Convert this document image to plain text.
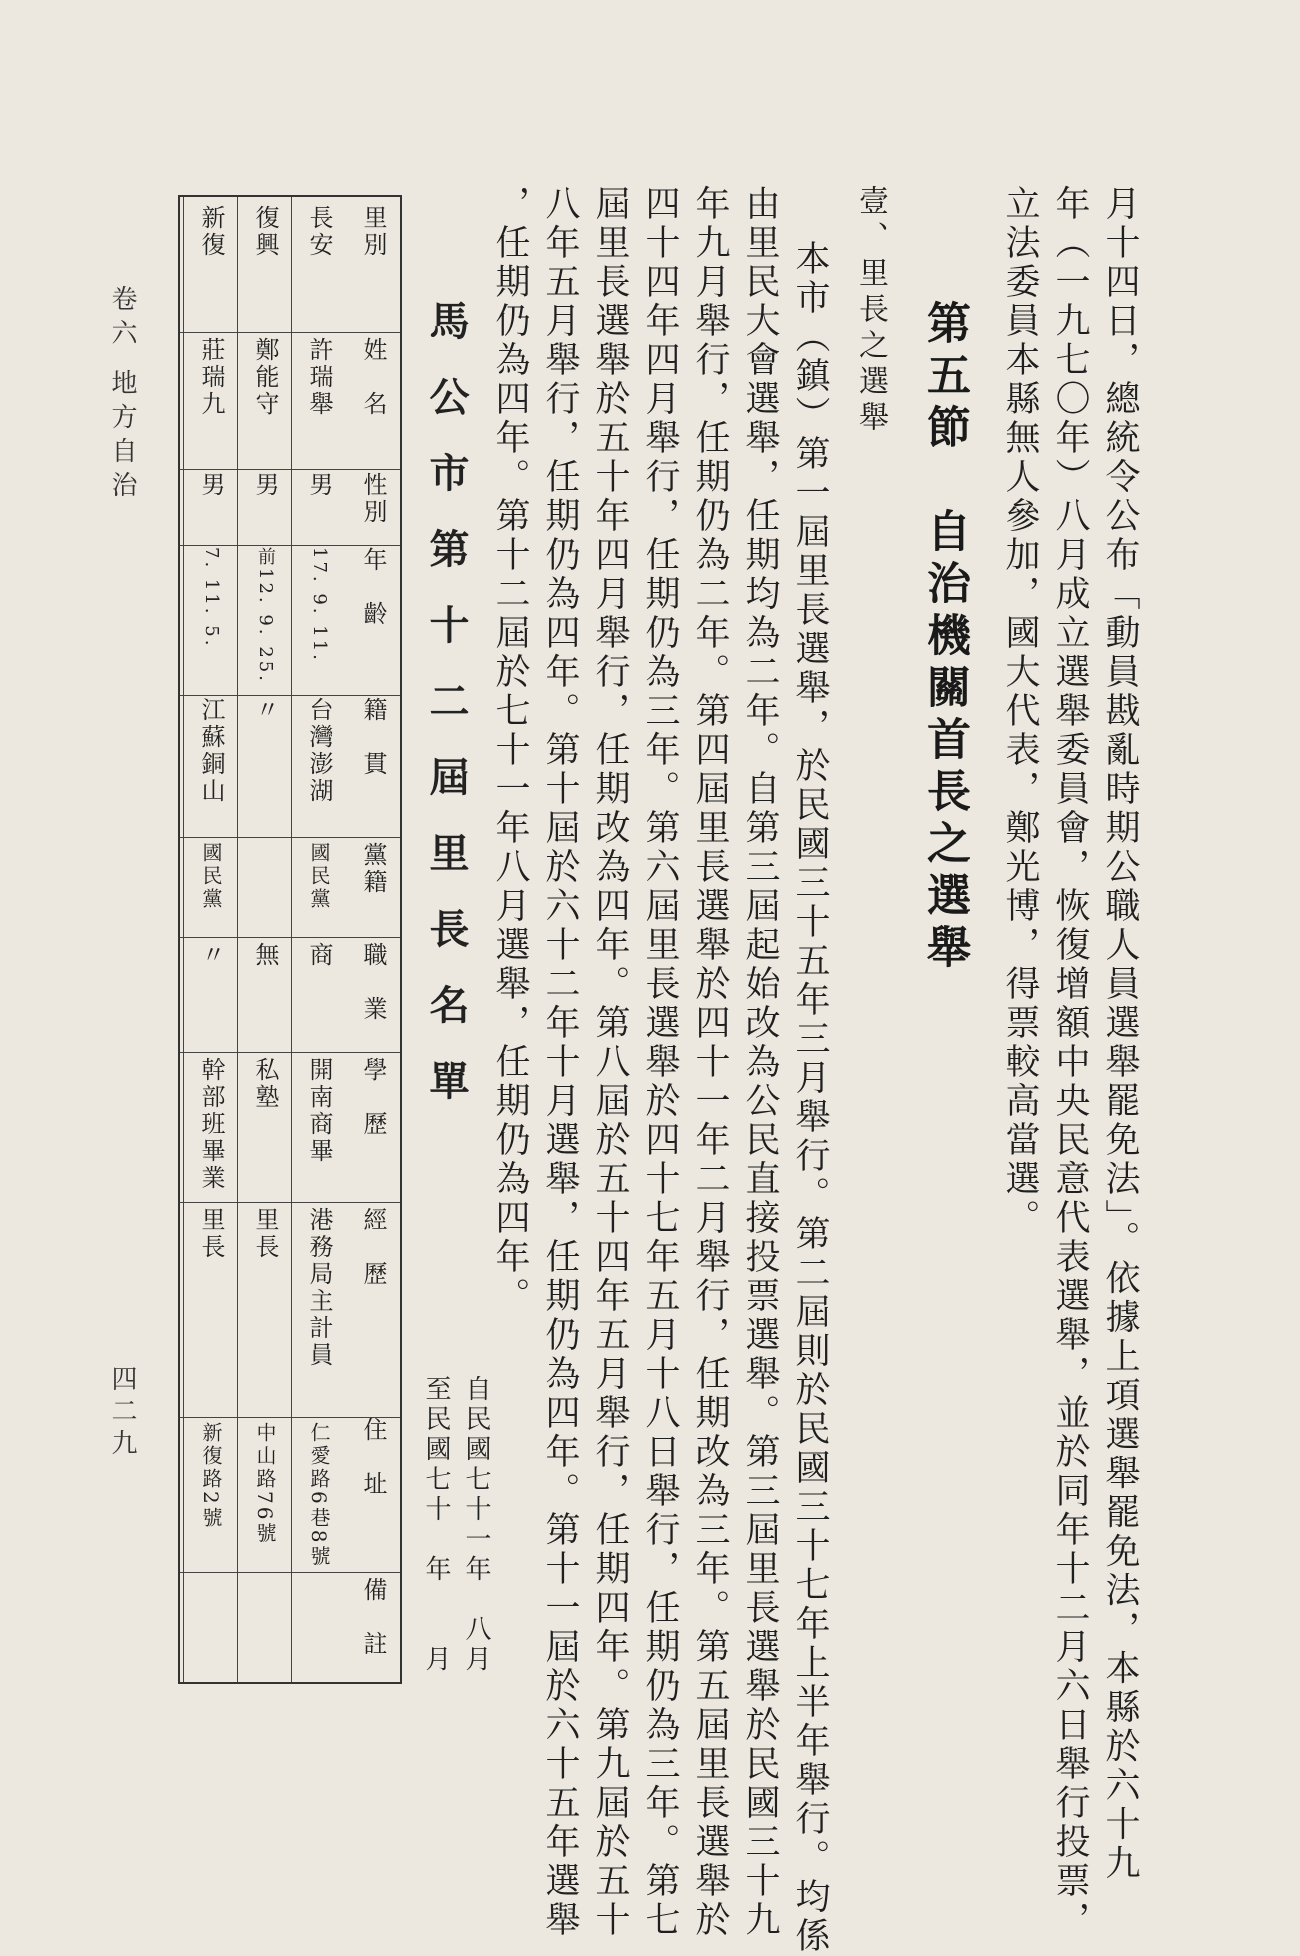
卷六 地方自治
四二九	月十四日，總統令公布「動員戡亂時期公職人員選舉罷免法」。依據上項選舉罷免法，本縣於六十九
年（一九七〇年）八月成立選舉委員會，恢復增額中央民意代表選舉，並於同年十二月六日舉行投票，
立法委員本縣無人參加，國大代表，鄭光博，得票較高當選。
第五節　自治機關首長之選舉
壹、里長之選舉
本市（鎮）第一屆里長選舉，於民國三十五年三月舉行。第二屆則於民國三十七年上半年舉行。均係
由里民大會選舉，任期均為二年。自第三屆起始改為公民直接投票選舉。第三屆里長選舉於民國三十九
年九月舉行，任期仍為二年。第四屆里長選舉於四十一年二月舉行，任期改為三年。第五屆里長選舉於
四十四年四月舉行，任期仍為三年。第六屆里長選舉於四十七年五月十八日舉行，任期仍為三年。第七
屆里長選舉於五十年四月舉行，任期改為四年。第八屆於五十四年五月舉行，任期四年。第九屆於五十
八年五月舉行，任期仍為四年。第十屆於六十二年十月選舉，任期仍為四年。第十一屆於六十五年選舉
，任期仍為四年。第十二屆於七十一年八月選舉，任期仍為四年。
馬公市第十二屆里長名單
自民國七十一年　八月
至民國七十　年　　月
里別
姓　名
性別
年　齡
籍　貫
黨籍
職　業
學　歷
經　歷
住　址
備　註
長安
許瑞舉
男
17. 9. 11.
台灣澎湖
國民黨
商
開南商畢
港務局主計員
仁愛路6巷8號
復興
鄭能守
男
前12. 9. 25.
〃
無
私塾
里長
中山路76號
新復
莊瑞九
男
7. 11. 5.
江蘇銅山
國民黨
〃
幹部班畢業
里長
新復路2號
